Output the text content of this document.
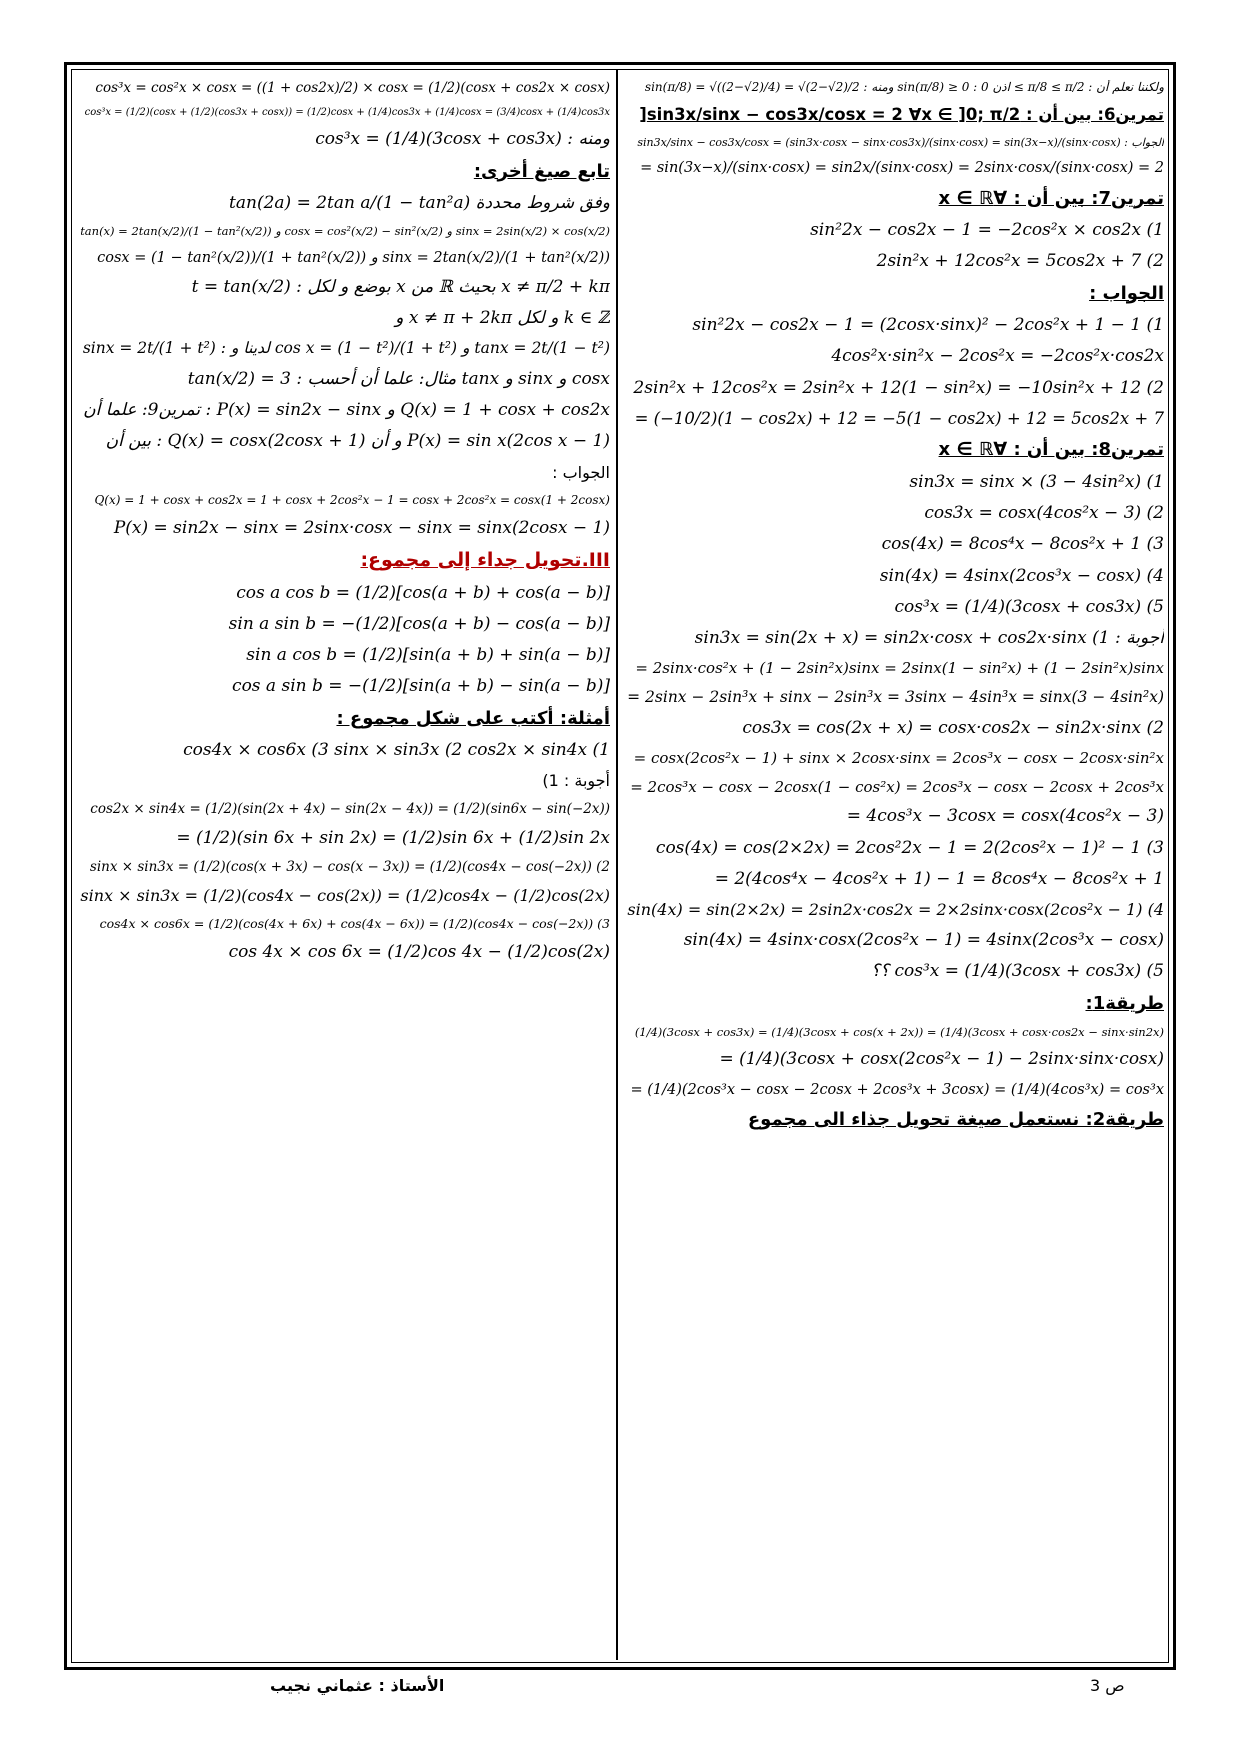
sin(π/8) = √((2−√2)/4) = √(2−√2)/2 : ومنه sin(π/8) ≥ 0 : اذن 0 ≤ π/8 ≤ π/2 : ولكننا نعلم أن
تمرين6: بين أن : sin3x/sinx − cos3x/cosx = 2 ∀x ∈ ]0; π/2[
sin3x/sinx − cos3x/cosx = (sin3x·cosx − sinx·cos3x)/(sinx·cosx) = sin(3x−x)/(sinx·cosx) : الجواب
= sin(3x−x)/(sinx·cosx) = sin2x/(sinx·cosx) = 2sinx·cosx/(sinx·cosx) = 2
تمرين7: بين أن : ∀x ∈ ℝ
sin²2x − cos2x − 1 = −2cos²x × cos2x (1
2sin²x + 12cos²x = 5cos2x + 7 (2
الجواب :
sin²2x − cos2x − 1 = (2cosx·sinx)² − 2cos²x + 1 − 1 (1
4cos²x·sin²x − 2cos²x = −2cos²x·cos2x
2sin²x + 12cos²x = 2sin²x + 12(1 − sin²x) = −10sin²x + 12 (2
= (−10/2)(1 − cos2x) + 12 = −5(1 − cos2x) + 12 = 5cos2x + 7
تمرين8: بين أن : ∀x ∈ ℝ
sin3x = sinx × (3 − 4sin²x) (1
cos3x = cosx(4cos²x − 3) (2
cos(4x) = 8cos⁴x − 8cos²x + 1 (3
sin(4x) = 4sinx(2cos³x − cosx) (4
cos³x = (1/4)(3cosx + cos3x) (5
sin3x = sin(2x + x) = sin2x·cosx + cos2x·sinx (1 : أجوبة
= 2sinx·cos²x + (1 − 2sin²x)sinx = 2sinx(1 − sin²x) + (1 − 2sin²x)sinx
= 2sinx − 2sin³x + sinx − 2sin³x = 3sinx − 4sin³x = sinx(3 − 4sin²x)
cos3x = cos(2x + x) = cosx·cos2x − sin2x·sinx (2
= cosx(2cos²x − 1) + sinx × 2cosx·sinx = 2cos³x − cosx − 2cosx·sin²x
= 2cos³x − cosx − 2cosx(1 − cos²x) = 2cos³x − cosx − 2cosx + 2cos³x
= 4cos³x − 3cosx = cosx(4cos²x − 3)
cos(4x) = cos(2×2x) = 2cos²2x − 1 = 2(2cos²x − 1)² − 1 (3
= 2(4cos⁴x − 4cos²x + 1) − 1 = 8cos⁴x − 8cos²x + 1
sin(4x) = sin(2×2x) = 2sin2x·cos2x = 2×2sinx·cosx(2cos²x − 1) (4
sin(4x) = 4sinx·cosx(2cos²x − 1) = 4sinx(2cos³x − cosx)
؟؟ cos³x = (1/4)(3cosx + cos3x) (5
طريقة1:
(1/4)(3cosx + cos3x) = (1/4)(3cosx + cos(x + 2x)) = (1/4)(3cosx + cosx·cos2x − sinx·sin2x)
= (1/4)(3cosx + cosx(2cos²x − 1) − 2sinx·sinx·cosx)
= (1/4)(2cos³x − cosx − 2cosx + 2cos³x + 3cosx) = (1/4)(4cos³x) = cos³x
طريقة2: نستعمل صيغة تحويل جذاء الى مجموع
cos³x = cos²x × cosx = ((1 + cos2x)/2) × cosx = (1/2)(cosx + cos2x × cosx)
cos³x = (1/2)(cosx + (1/2)(cos3x + cosx)) = (1/2)cosx + (1/4)cos3x + (1/4)cosx = (3/4)cosx + (1/4)cos3x
cos³x = (1/4)(3cosx + cos3x) : ومنه
تابع صيغ أخرى:
tan(2a) = 2tan a/(1 − tan²a) وفق شروط محددة
tan(x) = 2tan(x/2)/(1 − tan²(x/2)) و cosx = cos²(x/2) − sin²(x/2) و sinx = 2sin(x/2) × cos(x/2)
cosx = (1 − tan²(x/2))/(1 + tan²(x/2)) و sinx = 2tan(x/2)/(1 + tan²(x/2))
t = tan(x/2) : بوضع و لكل x من ℝ بحيث x ≠ π/2 + kπ
و x ≠ π + 2kπ و لكل k ∈ ℤ
sinx = 2t/(1 + t²) : لدينا و cos x = (1 − t²)/(1 + t²) و tanx = 2t/(1 − t²)
tan(x/2) = 3 : مثال: علما أن أحسب tanx و sinx و cosx
تمرين9: علما أن : P(x) = sin2x − sinx و Q(x) = 1 + cosx + cos2x
بين أن : Q(x) = cosx(2cosx + 1) و أن P(x) = sin x(2cos x − 1)
الجواب :
Q(x) = 1 + cosx + cos2x = 1 + cosx + 2cos²x − 1 = cosx + 2cos²x = cosx(1 + 2cosx)
P(x) = sin2x − sinx = 2sinx·cosx − sinx = sinx(2cosx − 1)
III.تحويل جداء إلى مجموع:
cos a cos b = (1/2)[cos(a + b) + cos(a − b)]
sin a sin b = −(1/2)[cos(a + b) − cos(a − b)]
sin a cos b = (1/2)[sin(a + b) + sin(a − b)]
cos a sin b = −(1/2)[sin(a + b) − sin(a − b)]
أمثلة: أكتب على شكل مجموع :
cos4x × cos6x (3 sinx × sin3x (2 cos2x × sin4x (1
أجوبة : 1)
cos2x × sin4x = (1/2)(sin(2x + 4x) − sin(2x − 4x)) = (1/2)(sin6x − sin(−2x))
= (1/2)(sin 6x + sin 2x) = (1/2)sin 6x + (1/2)sin 2x
sinx × sin3x = (1/2)(cos(x + 3x) − cos(x − 3x)) = (1/2)(cos4x − cos(−2x)) (2
sinx × sin3x = (1/2)(cos4x − cos(2x)) = (1/2)cos4x − (1/2)cos(2x)
cos4x × cos6x = (1/2)(cos(4x + 6x) + cos(4x − 6x)) = (1/2)(cos4x − cos(−2x)) (3
cos 4x × cos 6x = (1/2)cos 4x − (1/2)cos(2x)
الأستاذ : عثماني نجيب	ص 3
